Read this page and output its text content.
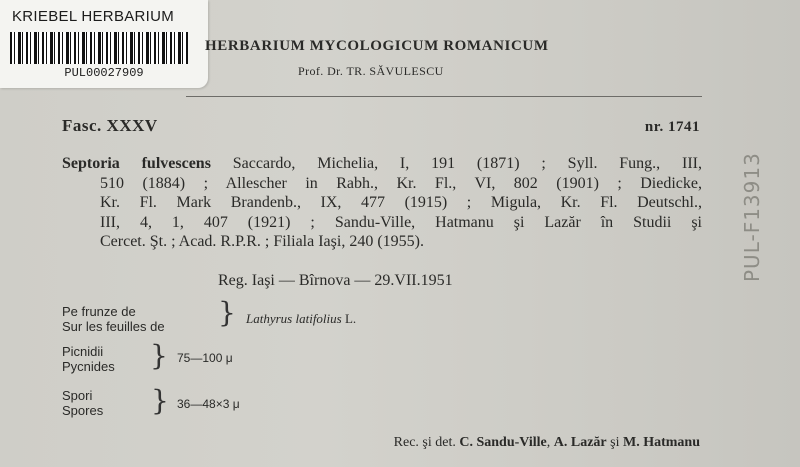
KRIEBEL HERBARIUM
PUL00027909
HERBARIUM MYCOLOGICUM ROMANICUM
Prof. Dr. TR. SĂVULESCU
Fasc. XXXV	nr. 1741
Septoria fulvescens Saccardo, Michelia, I, 191 (1871) ; Syll. Fung., III,
510 (1884) ; Allescher in Rabh., Kr. Fl., VI, 802 (1901) ; Diedicke,
Kr. Fl. Mark Brandenb., IX, 477 (1915) ; Migula, Kr. Fl. Deutschl.,
III, 4, 1, 407 (1921) ; Sandu-Ville, Hatmanu şi Lazăr în Studii şi
Cercet. Şt. ; Acad. R.P.R. ; Filiala Iaşi, 240 (1955).
Reg. Iaşi — Bîrnova — 29.VII.1951
Pe frunze de
Sur les feuilles de } Lathyrus latifolius L.
Picnidii
Pycnides } 75—100 μ
Spori
Spores } 36—48×3 μ
Rec. şi det. C. Sandu-Ville, A. Lazăr şi M. Hatmanu
PUL-F13913
